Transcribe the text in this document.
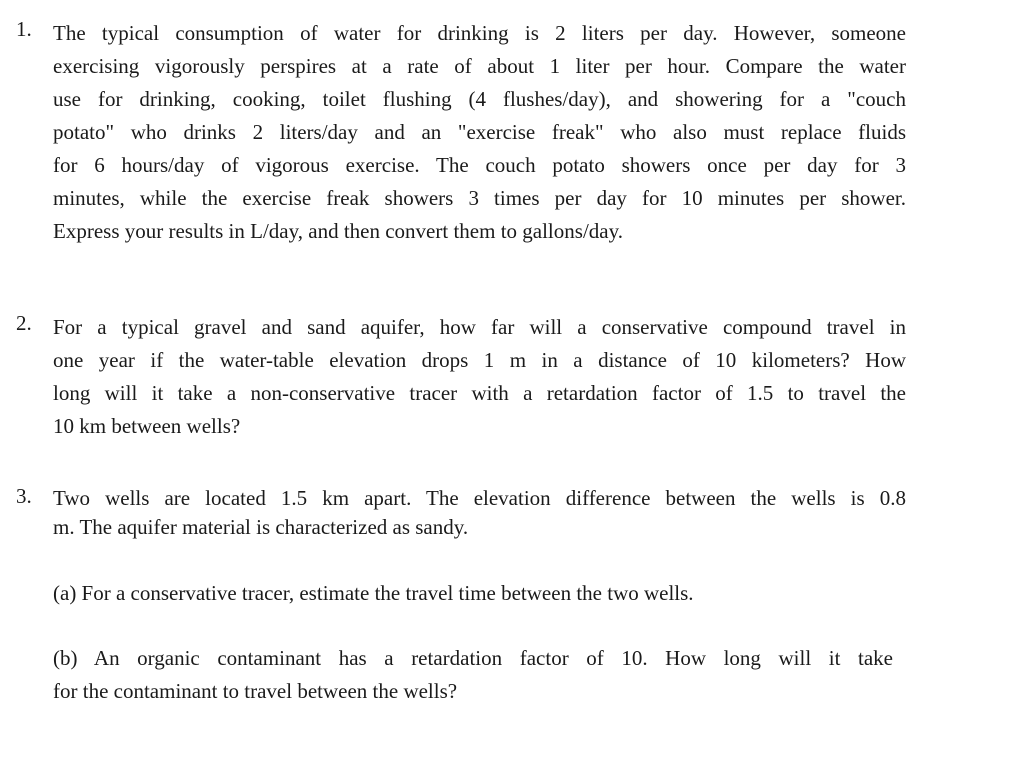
1.	The typical consumption of water for drinking is 2 liters per day. However, someone
exercising vigorously perspires at a rate of about 1 liter per hour. Compare the water
use for drinking, cooking, toilet flushing (4 flushes/day), and showering for a "couch
potato" who drinks 2 liters/day and an "exercise freak" who also must replace fluids
for 6 hours/day of vigorous exercise. The couch potato showers once per day for 3
minutes, while the exercise freak showers 3 times per day for 10 minutes per shower.
Express your results in L/day, and then convert them to gallons/day.
2.	For a typical gravel and sand aquifer, how far will a conservative compound travel in
one year if the water-table elevation drops 1 m in a distance of 10 kilometers? How
long will it take a non-conservative tracer with a retardation factor of 1.5 to travel the
10 km between wells?
3.	Two wells are located 1.5 km apart. The elevation difference between the wells is 0.8
m. The aquifer material is characterized as sandy.
(a) For a conservative tracer, estimate the travel time between the two wells.
(b) An organic contaminant has a retardation factor of 10. How long will it take
for the contaminant to travel between the wells?
